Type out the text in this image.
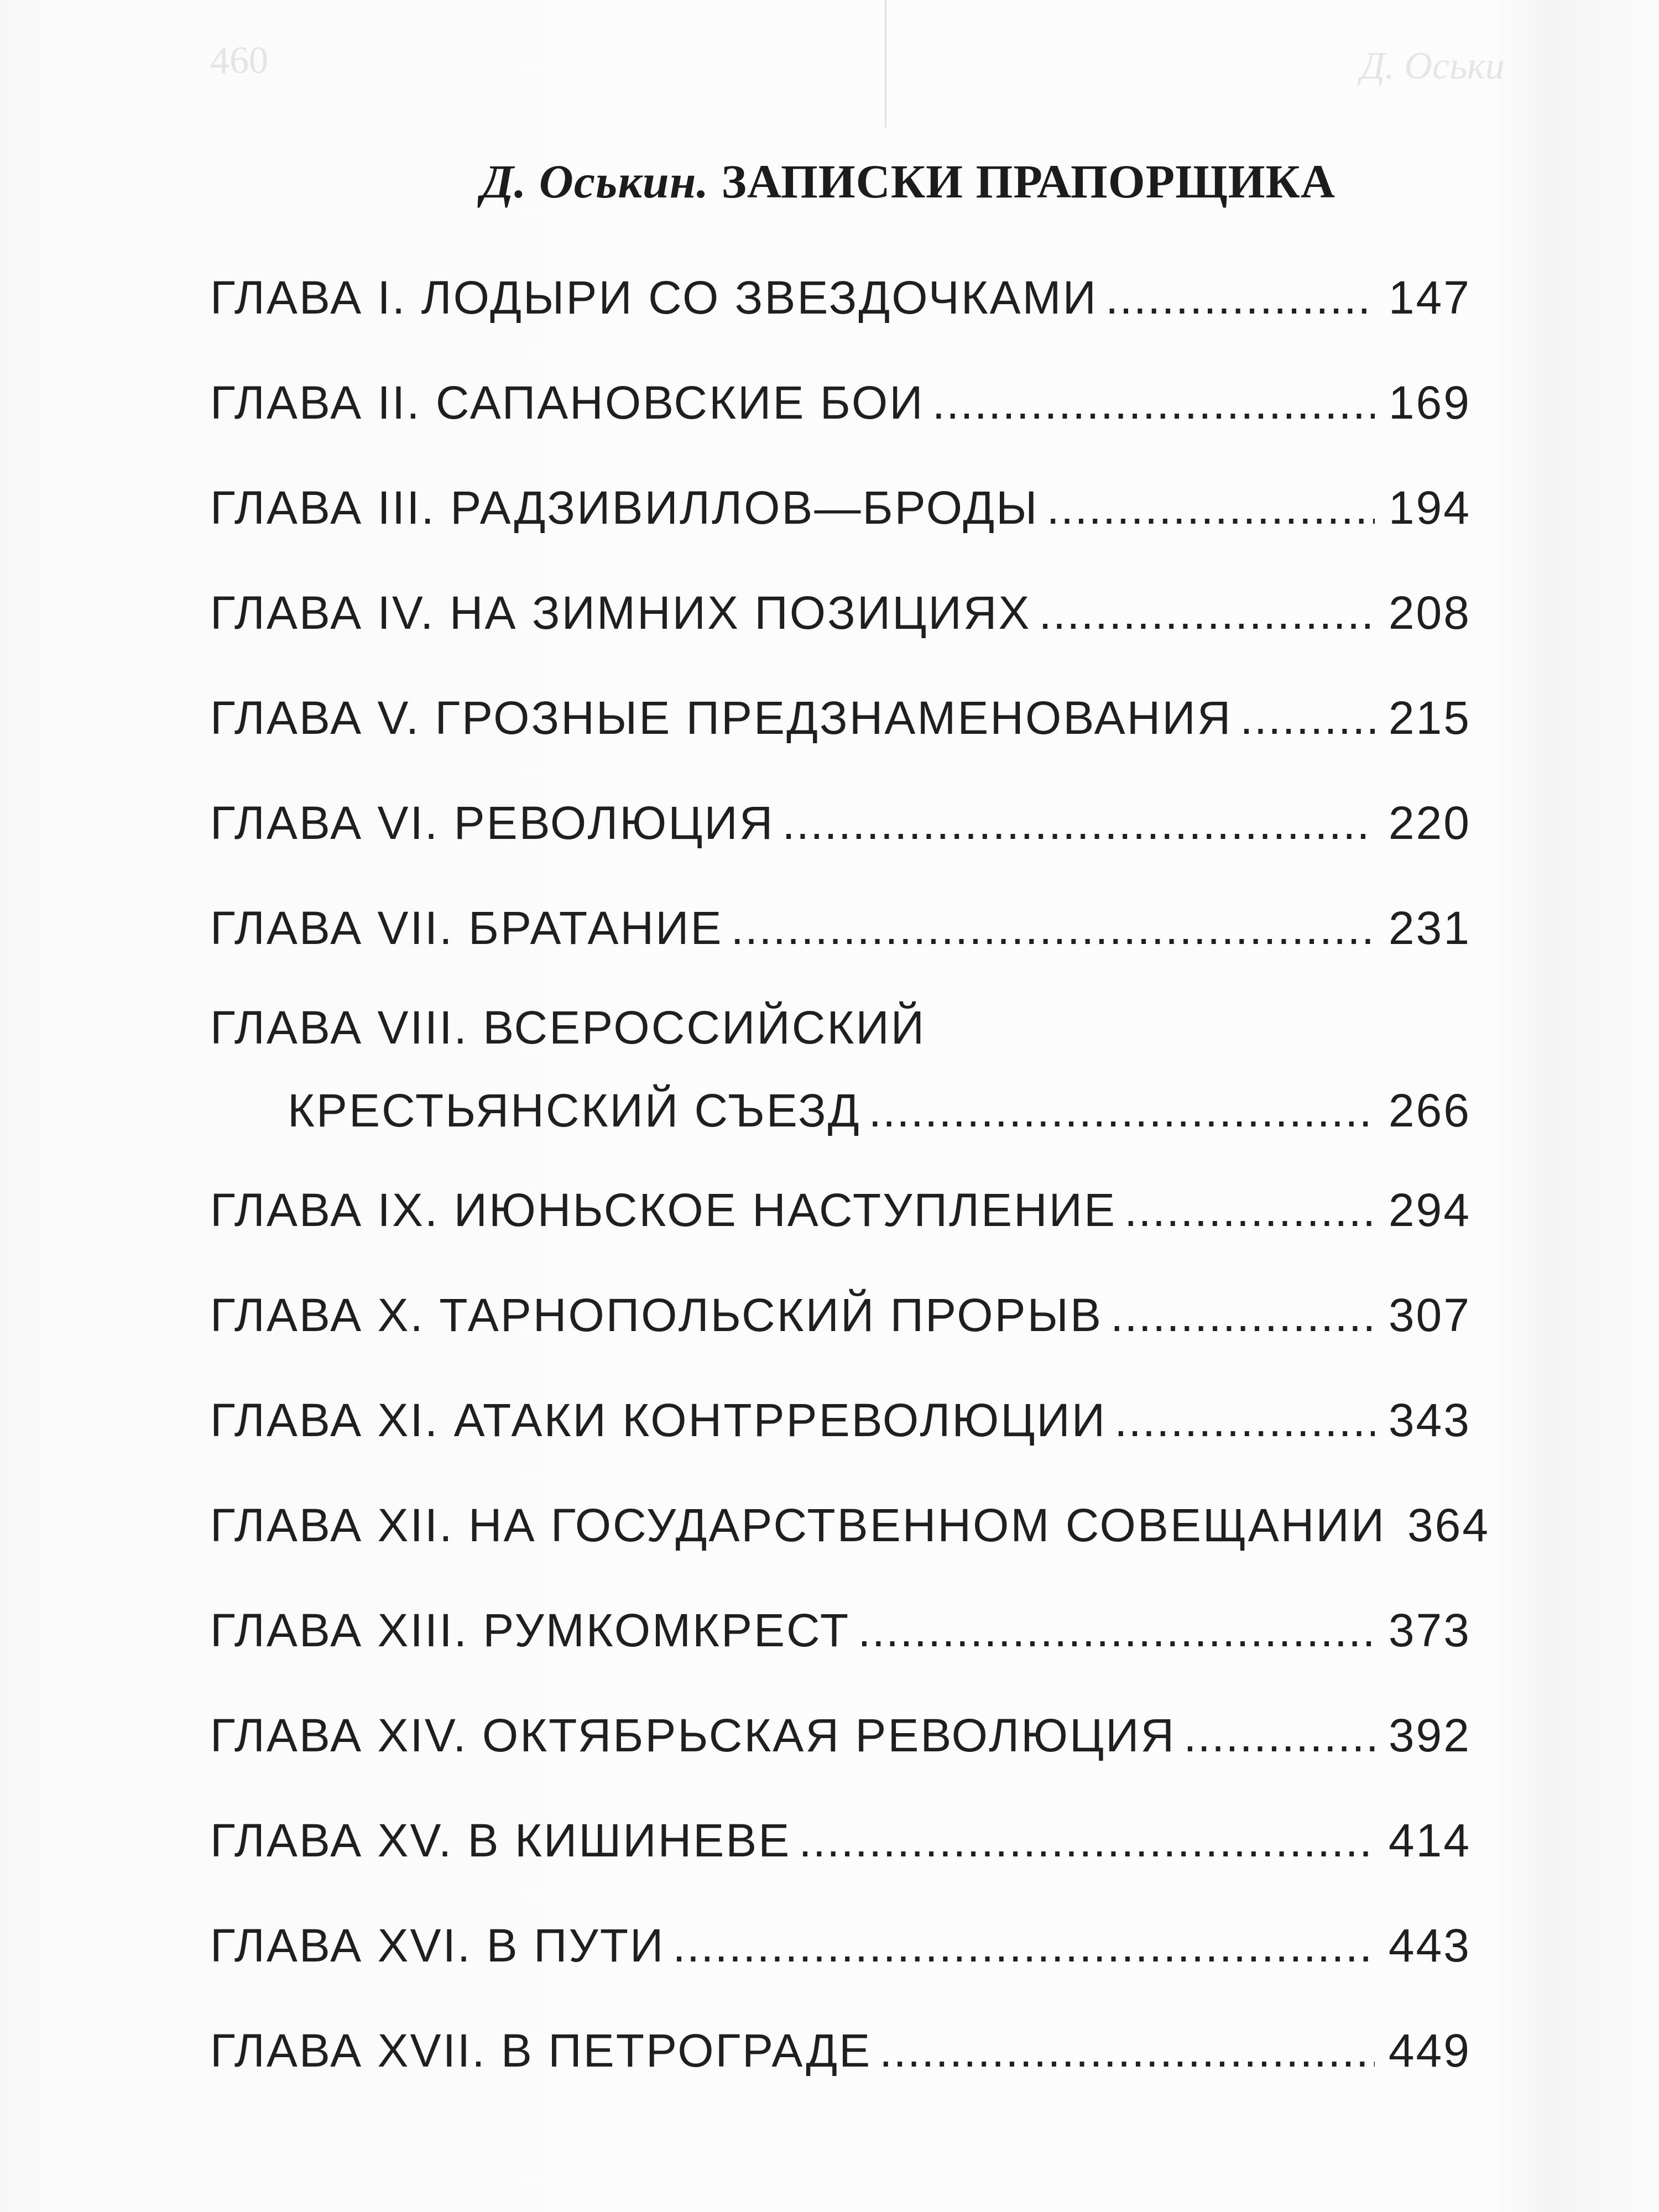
460	Д. Оськи
Д. Оськин. ЗАПИСКИ ПРАПОРЩИКА
ГЛАВА I. ЛОДЫРИ СО ЗВЕЗДОЧКАМИ .....	147
ГЛАВА II. САПАНОВСКИЕ БОИ .....	169
ГЛАВА III. РАДЗИВИЛЛОВ—БРОДЫ .....	194
ГЛАВА IV. НА ЗИМНИХ ПОЗИЦИЯХ .....	208
ГЛАВА V. ГРОЗНЫЕ ПРЕДЗНАМЕНОВАНИЯ .....	215
ГЛАВА VI. РЕВОЛЮЦИЯ .....	220
ГЛАВА VII. БРАТАНИЕ .....	231
ГЛАВА VIII. ВСЕРОССИЙСКИЙ
КРЕСТЬЯНСКИЙ СЪЕЗД .....	266
ГЛАВА IX. ИЮНЬСКОЕ НАСТУПЛЕНИЕ .....	294
ГЛАВА X. ТАРНОПОЛЬСКИЙ ПРОРЫВ .....	307
ГЛАВА XI. АТАКИ КОНТРРЕВОЛЮЦИИ .....	343
ГЛАВА XII. НА ГОСУДАРСТВЕННОМ СОВЕЩАНИИ 364
ГЛАВА XIII. РУМКОМКРЕСТ .....	373
ГЛАВА XIV. ОКТЯБРЬСКАЯ РЕВОЛЮЦИЯ .....	392
ГЛАВА XV. В КИШИНЕВЕ .....	414
ГЛАВА XVI. В ПУТИ .....	443
ГЛАВА XVII. В ПЕТРОГРАДЕ .....	449
